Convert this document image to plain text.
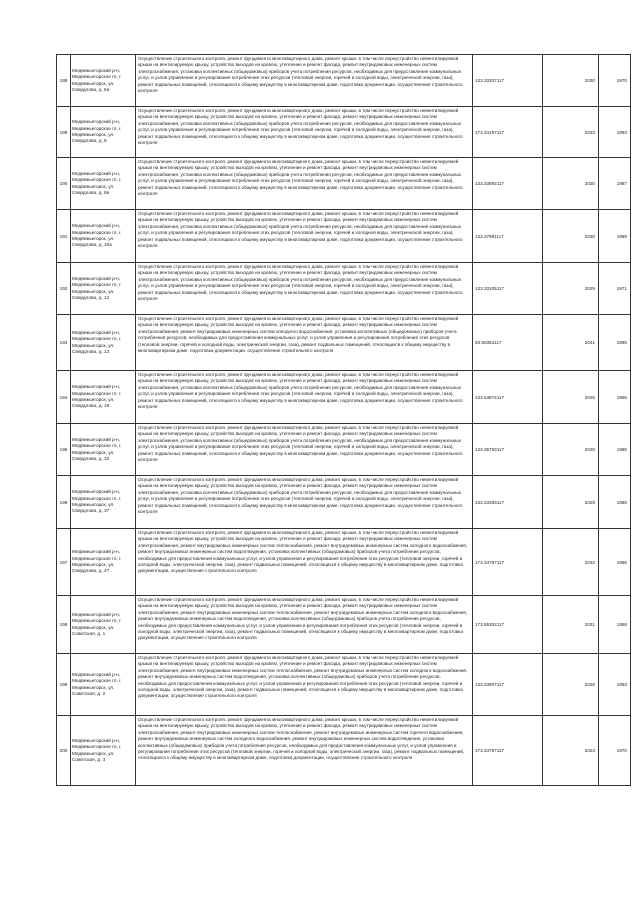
188	Медвежьегорский р-н, Медвежьегорское гп, г. Медвежьегорск, ул. Свердлова, д. 6а	Осуществление строительного контроля, ремонт фундамента многоквартирного дома, ремонт крыши, в том числе переустройство невентилируемой крыши на вентилируемую крышу, устройство выходов на кровлю, утепление и ремонт фасада, ремонт внутридомовых инженерных систем электроснабжения, установка коллективных (общедомовых) приборов учета потребления ресурсов, необходимых для предоставления коммунальных услуг, и узлов управления и регулирования потребления этих ресурсов (тепловой энергии, горячей и холодной воды, электрической энергии, газа), ремонт подвальных помещений, относящихся к общему имуществу в многоквартирном доме, подготовка документации, осуществление строительного контроля	133.33337117	2030	1970
189	Медвежьегорский р-н, Медвежьегорское гп, г. Медвежьегорск, ул. Свердлова, д. 8	Осуществление строительного контроля, ремонт фундамента многоквартирного дома, ремонт крыши, в том числе переустройство невентилируемой крыши на вентилируемую крышу, устройство выходов на кровлю, утепление и ремонт фасада, ремонт внутридомовых инженерных систем электроснабжения, установка коллективных (общедомовых) приборов учета потребления ресурсов, необходимых для предоставления коммунальных услуг, и узлов управления и регулирования потребления этих ресурсов (тепловой энергии, горячей и холодной воды, электрической энергии, газа), ремонт подвальных помещений, относящихся к общему имуществу в многоквартирном доме, подготовка документации, осуществление строительного контроля	173.34197117	2033	1993
190	Медвежьегорский р-н, Медвежьегорское гп, г. Медвежьегорск, ул. Свердлова, д. 8а	Осуществление строительного контроля, ремонт фундамента многоквартирного дома, ремонт крыши, в том числе переустройство невентилируемой крыши на вентилируемую крышу, устройство выходов на кровлю, утепление и ремонт фасада, ремонт внутридомовых инженерных систем электроснабжения, установка коллективных (общедомовых) приборов учета потребления ресурсов, необходимых для предоставления коммунальных услуг, и узлов управления и регулирования потребления этих ресурсов (тепловой энергии, горячей и холодной воды, электрической энергии, газа), ремонт подвальных помещений, относящихся к общему имуществу в многоквартирном доме, подготовка документации, осуществление строительного контроля	133.33992117	2030	1987
191	Медвежьегорский р-н, Медвежьегорское гп, г. Медвежьегорск, ул. Свердлова, д. 10а	Осуществление строительного контроля, ремонт фундамента многоквартирного дома, ремонт крыши, в том числе переустройство невентилируемой крыши на вентилируемую крышу, устройство выходов на кровлю, утепление и ремонт фасада, ремонт внутридомовых инженерных систем электроснабжения, установка коллективных (общедомовых) приборов учета потребления ресурсов, необходимых для предоставления коммунальных услуг, и узлов управления и регулирования потребления этих ресурсов (тепловой энергии, горячей и холодной воды, электрической энергии, газа), ремонт подвальных помещений, относящихся к общему имуществу в многоквартирном доме, подготовка документации, осуществление строительного контроля	133.37991117	2030	1989
192	Медвежьегорский р-н, Медвежьегорское гп, г. Медвежьегорск, ул. Свердлова, д. 12	Осуществление строительного контроля, ремонт фундамента многоквартирного дома, ремонт крыши, в том числе переустройство невентилируемой крыши на вентилируемую крышу, устройство выходов на кровлю, утепление и ремонт фасада, ремонт внутридомовых инженерных систем электроснабжения, установка коллективных (общедомовых) приборов учета потребления ресурсов, необходимых для предоставления коммунальных услуг, и узлов управления и регулирования потребления этих ресурсов (тепловой энергии, горячей и холодной воды, электрической энергии, газа), ремонт подвальных помещений, относящихся к общему имуществу в многоквартирном доме, подготовка документации, осуществление строительного контроля	133.33105117	2029	1971
193	Медвежьегорский р-н, Медвежьегорское гп, г. Медвежьегорск, ул. Свердлова, д. 13	Осуществление строительного контроля, ремонт фундамента многоквартирного дома, ремонт крыши, в том числе переустройство невентилируемой крыши на вентилируемую крышу, устройство выходов на кровлю, утепление и ремонт фасада, ремонт внутридомовых инженерных систем электроснабжения, ремонт внутридомовых инженерных систем холодного водоснабжения, установка коллективных (общедомовых) приборов учета потребления ресурсов, необходимых для предоставления коммунальных услуг, и узлов управления и регулирования потребления этих ресурсов (тепловой энергии, горячей и холодной воды, электрической энергии, газа), ремонт подвальных помещений, относящихся к общему имуществу в многоквартирном доме, подготовка документации, осуществление строительного контроля	93.50353117	2041	1995
194	Медвежьегорский р-н, Медвежьегорское гп, г. Медвежьегорск, ул. Свердлова, д. 19	Осуществление строительного контроля, ремонт фундамента многоквартирного дома, ремонт крыши, в том числе переустройство невентилируемой крыши на вентилируемую крышу, устройство выходов на кровлю, утепление и ремонт фасада, ремонт внутридомовых инженерных систем электроснабжения, установка коллективных (общедомовых) приборов учета потребления ресурсов, необходимых для предоставления коммунальных услуг, и узлов управления и регулирования потребления этих ресурсов (тепловой энергии, горячей и холодной воды, электрической энергии, газа), ремонт подвальных помещений, относящихся к общему имуществу в многоквартирном доме, подготовка документации, осуществление строительного контроля	133.54874117	2025	1956
195	Медвежьегорский р-н, Медвежьегорское гп, г. Медвежьегорск, ул. Свердлова, д. 32	Осуществление строительного контроля, ремонт фундамента многоквартирного дома, ремонт крыши, в том числе переустройство невентилируемой крыши на вентилируемую крышу, устройство выходов на кровлю, утепление и ремонт фасада, ремонт внутридомовых инженерных систем электроснабжения, установка коллективных (общедомовых) приборов учета потребления ресурсов, необходимых для предоставления коммунальных услуг, и узлов управления и регулирования потребления этих ресурсов (тепловой энергии, горячей и холодной воды, электрической энергии, газа), ремонт подвальных помещений, относящихся к общему имуществу в многоквартирном доме, подготовка документации, осуществление строительного контроля	133.35763117	2028	1985
196	Медвежьегорский р-н, Медвежьегорское гп, г. Медвежьегорск, ул. Свердлова, д. 37	Осуществление строительного контроля, ремонт фундамента многоквартирного дома, ремонт крыши, в том числе переустройство невентилируемой крыши на вентилируемую крышу, устройство выходов на кровлю, утепление и ремонт фасада, ремонт внутридомовых инженерных систем электроснабжения, установка коллективных (общедомовых) приборов учета потребления ресурсов, необходимых для предоставления коммунальных услуг, и узлов управления и регулирования потребления этих ресурсов (тепловой энергии, горячей и холодной воды, электрической энергии, газа), ремонт подвальных помещений, относящихся к общему имуществу в многоквартирном доме, подготовка документации, осуществление строительного контроля	133.33393117	2029	1985
197	Медвежьегорский р-н, Медвежьегорское гп, г. Медвежьегорск, ул. Свердлова, д. 47	Осуществление строительного контроля, ремонт фундамента многоквартирного дома, ремонт крыши, в том числе переустройство невентилируемой крыши на вентилируемую крышу, устройство выходов на кровлю, утепление и ремонт фасада, ремонт внутридомовых инженерных систем электроснабжения, ремонт внутридомовых инженерных систем теплоснабжения, ремонт внутридомовых инженерных систем холодного водоснабжения, ремонт внутридомовых инженерных систем водоотведения, установка коллективных (общедомовых) приборов учета потребления ресурсов, необходимых для предоставления коммунальных услуг, и узлов управления и регулирования потребления этих ресурсов (тепловой энергии, горячей и холодной воды, электрической энергии, газа), ремонт подвальных помещений, относящихся к общему имуществу в многоквартирном доме, подготовка документации, осуществление строительного контроля	173.34797117	2032	1965
198	Медвежьегорский р-н, Медвежьегорское гп, г. Медвежьегорск, ул. Советская, д. 1	Осуществление строительного контроля, ремонт фундамента многоквартирного дома, ремонт крыши, в том числе переустройство невентилируемой крыши на вентилируемую крышу, устройство выходов на кровлю, утепление и ремонт фасада, ремонт внутридомовых инженерных систем электроснабжения, ремонт внутридомовых инженерных систем теплоснабжения, ремонт внутридомовых инженерных систем холодного водоснабжения, ремонт внутридомовых инженерных систем водоотведения, установка коллективных (общедомовых) приборов учета потребления ресурсов, необходимых для предоставления коммунальных услуг, и узлов управления и регулирования потребления этих ресурсов (тепловой энергии, горячей и холодной воды, электрической энергии, газа), ремонт подвальных помещений, относящихся к общему имуществу в многоквартирном доме, подготовка документации, осуществление строительного контроля	173.55302117	2031	1958
199	Медвежьегорский р-н, Медвежьегорское гп, г. Медвежьегорск, ул. Советская, д. 2	Осуществление строительного контроля, ремонт фундамента многоквартирного дома, ремонт крыши, в том числе переустройство невентилируемой крыши на вентилируемую крышу, устройство выходов на кровлю, утепление и ремонт фасада, ремонт внутридомовых инженерных систем электроснабжения, ремонт внутридомовых инженерных систем теплоснабжения, ремонт внутридомовых инженерных систем холодного водоснабжения, ремонт внутридомовых инженерных систем водоотведения, установка коллективных (общедомовых) приборов учета потребления ресурсов, необходимых для предоставления коммунальных услуг, и узлов управления и регулирования потребления этих ресурсов (тепловой энергии, горячей и холодной воды, электрической энергии, газа), ремонт подвальных помещений, относящихся к общему имуществу в многоквартирном доме, подготовка документации, осуществление строительного контроля	133.33907117	2026	1953
200	Медвежьегорский р-н, Медвежьегорское гп, г. Медвежьегорск, ул. Советская, д. 3	Осуществление строительного контроля, ремонт фундамента многоквартирного дома, ремонт крыши, в том числе переустройство невентилируемой крыши на вентилируемую крышу, устройство выходов на кровлю, утепление и ремонт фасада, ремонт внутридомовых инженерных систем электроснабжения, ремонт внутридомовых инженерных систем теплоснабжения, ремонт внутридомовых инженерных систем горячего водоснабжения, ремонт внутридомовых инженерных систем холодного водоснабжения, ремонт внутридомовых инженерных систем водоотведения, установка коллективных (общедомовых) приборов учета потребления ресурсов, необходимых для предоставления коммунальных услуг, и узлов управления и регулирования потребления этих ресурсов (тепловой энергии, горячей и холодной воды, электрической энергии, газа), ремонт подвальных помещений, относящихся к общему имуществу в многоквартирном доме, подготовка документации, осуществление строительного контроля	173.34797117	2023	1970
